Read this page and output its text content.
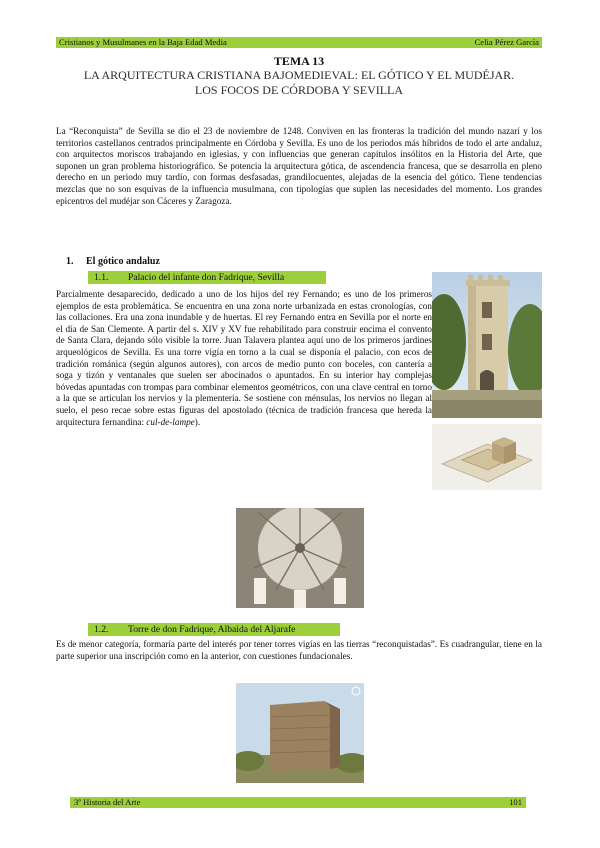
Cristianos y Musulmanes en la Baja Edad Media	Celia Pérez García
TEMA 13
LA ARQUITECTURA CRISTIANA BAJOMEDIEVAL: EL GÓTICO Y EL MUDÉJAR.
LOS FOCOS DE CÓRDOBA Y SEVILLA

La “Reconquista” de Sevilla se dio el 23 de noviembre de 1248. Conviven en las fronteras la tradición del mundo nazarí y los territorios castellanos centrados principalmente en Córdoba y Sevilla. Es uno de los periodos más híbridos de todo el arte andaluz, con arquitectos moriscos trabajando en iglesias, y con influencias que generan capítulos insólitos en la Historia del Arte, que suponen un gran problema historiográfico. Se potencia la arquitectura gótica, de ascendencia francesa, que se desarrolla en pleno derecho en un periodo muy tardío, con formas desfasadas, grandilocuentes, alejadas de la esencia del gótico. Tiene tendencias mezclas que no son esquivas de la influencia musulmana, con tipologías que suplen las necesidades del momento. Los grandes epicentros del mudéjar son Cáceres y Zaragoza.

1. El gótico andaluz
1.1. Palacio del infante don Fadrique, Sevilla

Parcialmente desaparecido, dedicado a uno de los hijos del rey Fernando; es uno de los primeros ejemplos de esta problemática. Se encuentra en una zona norte urbanizada en estas cronologías, con las collaciones. Era una zona inundable y de huertas. El rey Fernando entra en Sevilla por el norte en el día de San Clemente. A partir del s. XIV y XV fue rehabilitado para construir encima el convento de Santa Clara, dejando sólo visible la torre. Juan Talavera plantea aquí uno de los primeros jardines arqueológicos de Sevilla. Es una torre vigía en torno a la cual se disponía el palacio, con ecos de tradición románica (según algunos autores), con arcos de medio punto con boceles, con cantería a soga y tizón y ventanales que suelen ser abocinados o apuntados. En su interior hay complejas bóvedas apuntadas con trompas para combinar elementos geométricos, con una clave central en torno a la que se articulan los nervios y la plementería. Se sostiene con ménsulas, los nervios no llegan al suelo, el peso recae sobre estas figuras del apostolado (técnica de tradición francesa que hereda la arquitectura fernandina: cul-de-lampe).

1.2. Torre de don Fadrique, Albaida del Aljarafe

Es de menor categoría, formaría parte del interés por tener torres vigías en las tierras “reconquistadas”. Es cuadrangular, tiene en la parte superior una inscripción como en la anterior, con cuestiones fundacionales.

3º Historia del Arte	101
